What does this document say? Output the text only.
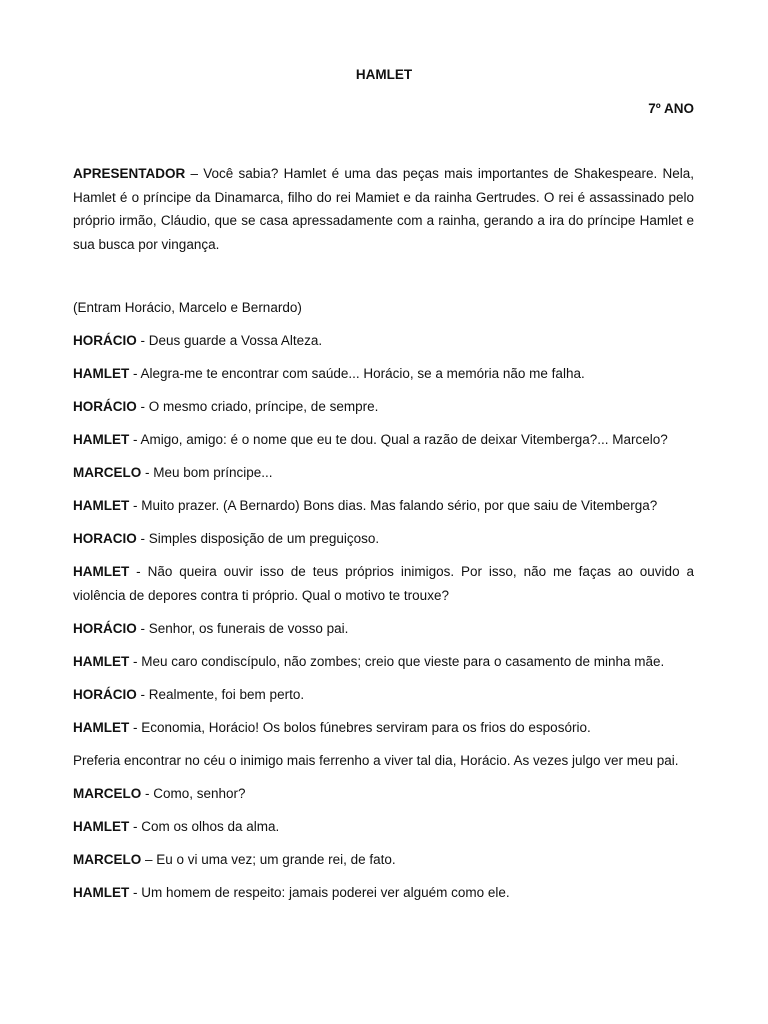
HAMLET

7º ANO

APRESENTADOR – Você sabia? Hamlet é uma das peças mais importantes de Shakespeare. Nela, Hamlet é o príncipe da Dinamarca, filho do rei Mamiet e da rainha Gertrudes. O rei é assassinado pelo próprio irmão, Cláudio, que se casa apressadamente com a rainha, gerando a ira do príncipe Hamlet e sua busca por vingança.

(Entram Horácio, Marcelo e Bernardo)

HORÁCIO - Deus guarde a Vossa Alteza.

HAMLET - Alegra-me te encontrar com saúde... Horácio, se a memória não me falha.

HORÁCIO - O mesmo criado, príncipe, de sempre.

HAMLET - Amigo, amigo: é o nome que eu te dou. Qual a razão de deixar Vitemberga?... Marcelo?

MARCELO - Meu bom príncipe...

HAMLET - Muito prazer. (A Bernardo) Bons dias. Mas falando sério, por que saiu de Vitemberga?

HORACIO - Simples disposição de um preguiçoso.

HAMLET - Não queira ouvir isso de teus próprios inimigos. Por isso, não me faças ao ouvido a violência de depores contra ti próprio. Qual o motivo te trouxe?

HORÁCIO - Senhor, os funerais de vosso pai.

HAMLET - Meu caro condiscípulo, não zombes; creio que vieste para o casamento de minha mãe.

HORÁCIO - Realmente, foi bem perto.

HAMLET - Economia, Horácio! Os bolos fúnebres serviram para os frios do esposório.

Preferia encontrar no céu o inimigo mais ferrenho a viver tal dia, Horácio. As vezes julgo ver meu pai.

MARCELO - Como, senhor?

HAMLET - Com os olhos da alma.

MARCELO – Eu o vi uma vez; um grande rei, de fato.

HAMLET - Um homem de respeito: jamais poderei ver alguém como ele.
